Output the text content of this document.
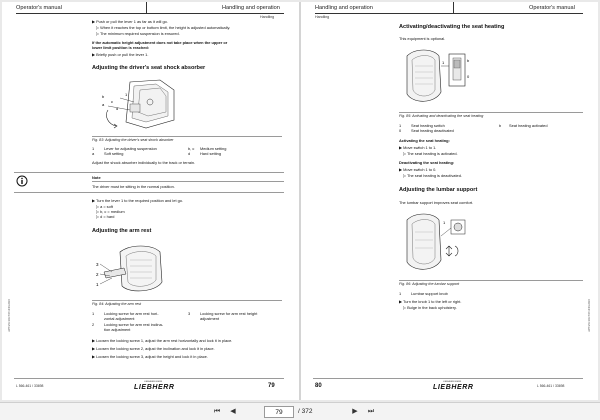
Operator's manual	Handling and operation
Handling
▶ Push or pull the lever 1 as far as it will go.
▷ When it reaches the top or bottom limit, the height is adjusted automatically.
▷ The minimum required suspension is ensured.
If the automatic height adjustment does not take place when the upper or
lower limit position is reached:
▶ Briefly push or pull the lever 1.
Adjusting the driver's seat shock absorber
b
c
a
d
1
Fig. 83: Adjusting the driver's seat shock absorber
1	Lever for adjusting suspension	b, c Medium setting
a	Soft setting	d	Hard setting
Adjust the shock absorber individually to the track or terrain.
Note
The driver must be sitting in the normal position.
▶ Turn the lever 1 to the required position and let go.
▷ a = soft
▷ b, c = medium
▷ d = hard
Adjusting the arm rest
3
2
1
Fig. 84: Adjusting the arm rest
1	Locking screw for arm rest hori-
zontal adjustment
3	Locking screw for arm rest height
adjustment
2	Locking screw for arm rest inclina-
tion adjustment
▶ Loosen the locking screw 1, adjust the arm rest horizontally and lock it in place.
▶ Loosen the locking screw 2, adjust the inclination and lock it in place.
▶ Loosen the locking screw 3, adjust the height and lock it in place.
LWH/V01/R01/T07/10/03-2020
L 566-461 / 33698
LIEBHERR-WERK
LIEBHERR	79
Handling and operation	Operator's manual
Handling
Activating/deactivating the seat heating
This equipment is optional.
1	b
0
Fig. 85: Activating and deactivating the seat heating
1	Seat heating switch	b Seat heating activated
0	Seat heating deactivated
Activating the seat heating:
▶ Move switch 1 to 1.
▷ The seat heating is activated.
Deactivating the seat heating:
▶ Move switch 1 to 0.
▷ The seat heating is deactivated.
Adjusting the lumbar support
The lumbar support improves seat comfort.
1
Fig. 86: Adjusting the lumbar support
1	Lumbar support knob
▶ Turn the knob 1 to the left or right.
▷ Bulge in the back upholstery.	LWH/V01/R01/T07/10/03-2020
80
LIEBHERR-WERK
LIEBHERR	L 566-461 / 33698
⏮	◀
79	/ 372	▶	⏭
